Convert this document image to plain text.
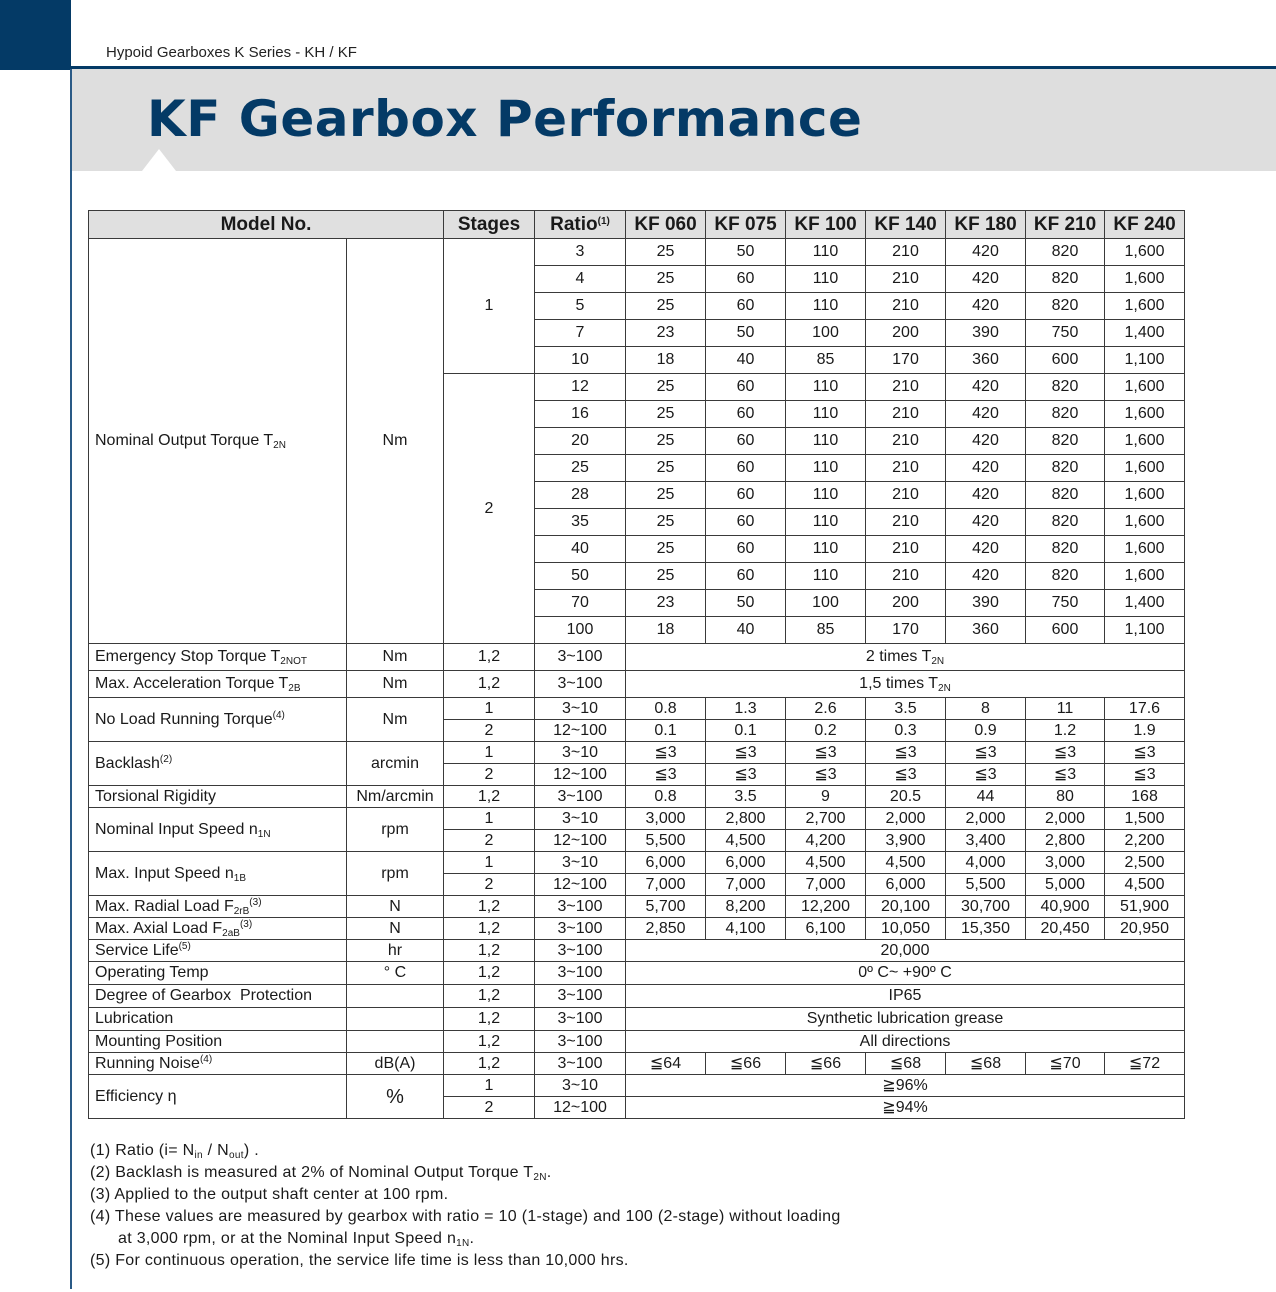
Hypoid Gearboxes K Series - KH / KF
KF Gearbox Performance
Model No.		Stages	Ratio$^{(1)}$	KF 060	KF 075	KF 100	KF 140	KF 180	KF 210	KF 240
Nominal Output Torque $T_{2N}$	Nm	1	3	25	50	110	210	420	820	1,600
			4	25	60	110	210	420	820	1,600
			5	25	60	110	210	420	820	1,600
			7	23	50	100	200	390	750	1,400
			10	18	40	85	170	360	600	1,100
		2	12	25	60	110	210	420	820	1,600
			16	25	60	110	210	420	820	1,600
			20	25	60	110	210	420	820	1,600
			25	25	60	110	210	420	820	1,600
			28	25	60	110	210	420	820	1,600
			35	25	60	110	210	420	820	1,600
			40	25	60	110	210	420	820	1,600
			50	25	60	110	210	420	820	1,600
			70	23	50	100	200	390	750	1,400
			100	18	40	85	170	360	600	1,100
Emergency Stop Torque $T_{2NOT}$	Nm	1,2	3~100	2 times $T_{2N}$
Max. Acceleration Torque $T_{2B}$	Nm	1,2	3~100	1,5 times $T_{2N}$
No Load Running Torque$^{(4)}$	Nm	1	3~10	0.8	1.3	2.6	3.5	8	11	17.6
		2	12~100	0.1	0.1	0.2	0.3	0.9	1.2	1.9
Backlash$^{(2)}$	arcmin	1	3~10	≦3	≦3	≦3	≦3	≦3	≦3	≦3
		2	12~100	≦3	≦3	≦3	≦3	≦3	≦3	≦3
Torsional Rigidity	Nm/arcmin	1,2	3~100	0.8	3.5	9	20.5	44	80	168
Nominal Input Speed $n_{1N}$	rpm	1	3~10	3,000	2,800	2,700	2,000	2,000	2,000	1,500
		2	12~100	5,500	4,500	4,200	3,900	3,400	2,800	2,200
Max. Input Speed $n_{1B}$	rpm	1	3~10	6,000	6,000	4,500	4,500	4,000	3,000	2,500
		2	12~100	7,000	7,000	7,000	6,000	5,500	5,000	4,500
Max. Radial Load $F_{2rB}^{(3)}$	N	1,2	3~100	5,700	8,200	12,200	20,100	30,700	40,900	51,900
Max. Axial Load $F_{2aB}^{(3)}$	N	1,2	3~100	2,850	4,100	6,100	10,050	15,350	20,450	20,950
Service Life$^{(5)}$	hr	1,2	3~100	20,000						
Operating Temp	° C	1,2	3~100	0º C~ +90º C						
Degree of Gearbox  Protection		1,2	3~100	IP65						
Lubrication		1,2	3~100	Synthetic lubrication grease						
Mounting Position		1,2	3~100	All directions						
Running Noise$^{(4)}$	dB(A)	1,2	3~100	≦64	≦66	≦66	≦68	≦68	≦70	≦72
Efficiency η	%	1	3~10	≧96%						
		2	12~100	≧94%						
(1) Ratio $(i= N_{in} / N_{out})$ .
(2) Backlash is measured at 2% of Nominal Output Torque $T_{2N}$.
(3) Applied to the output shaft center at 100 rpm.
(4) These values are measured by gearbox with ratio = 10 (1-stage) and 100 (2-stage) without loading
at 3,000 rpm, or at the Nominal Input Speed $n_{1N}$.
(5) For continuous operation, the service life time is less than 10,000 hrs.
